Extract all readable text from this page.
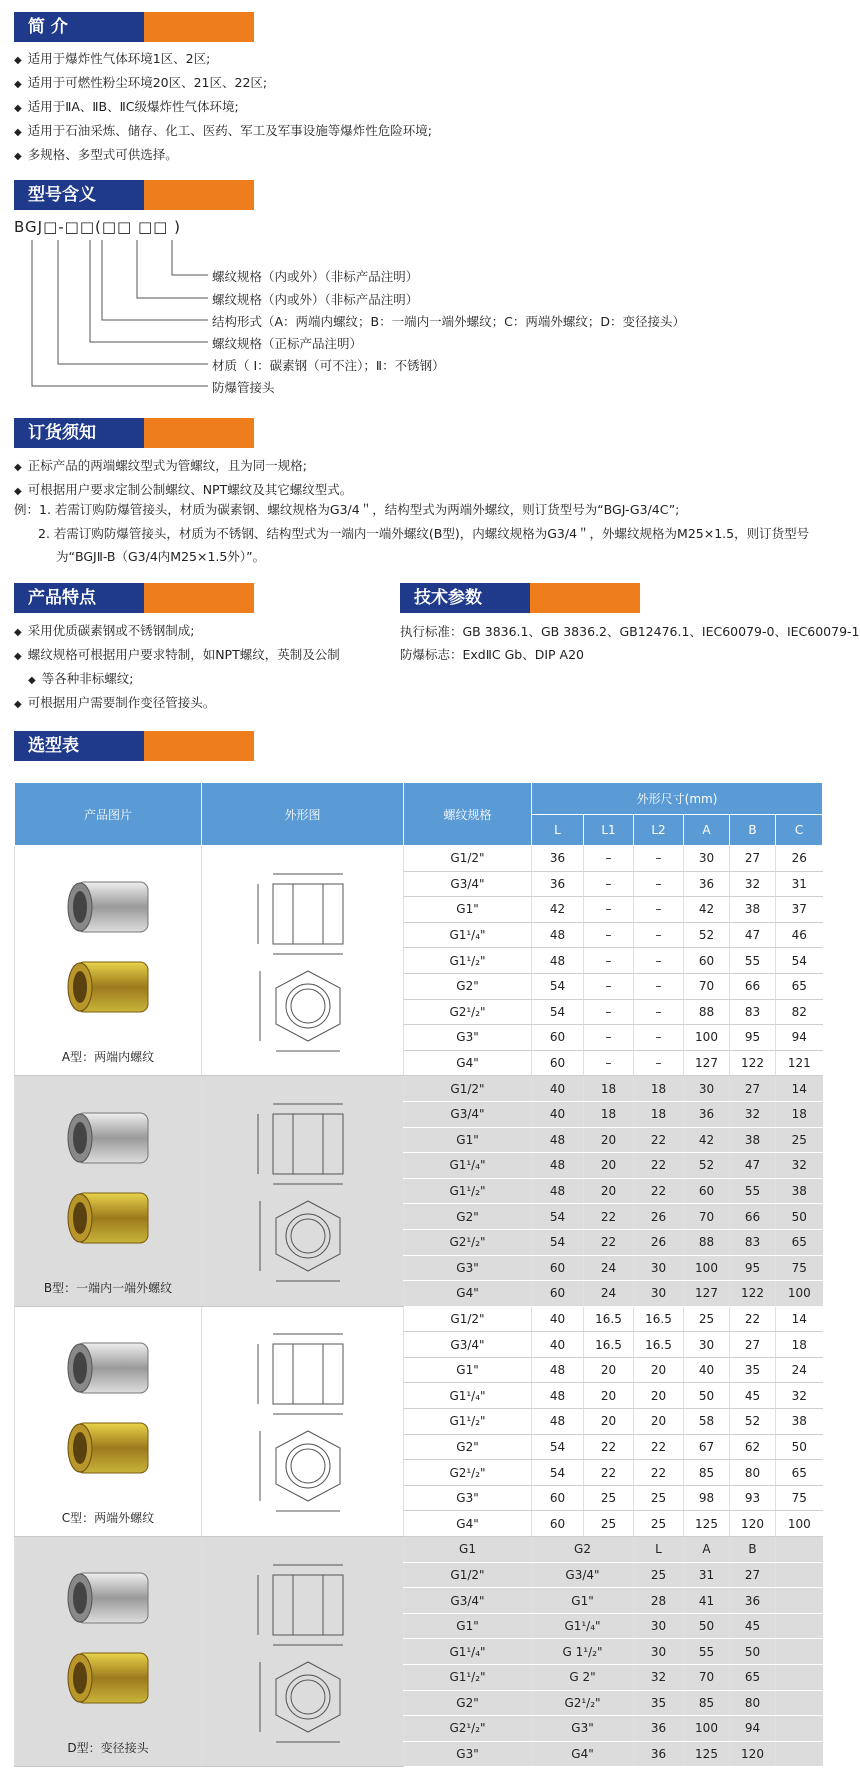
简 介
◆ 适用于爆炸性气体环境1区、2区;
◆ 适用于可燃性粉尘环境20区、21区、22区;
◆ 适用于ⅡA、ⅡB、ⅡC级爆炸性气体环境;
◆ 适用于石油采炼、储存、化工、医药、军工及军事设施等爆炸性危险环境;
◆ 多规格、多型式可供选择。
型号含义
BGJ□-□□(□□ □□ )
螺纹规格（内或外）（非标产品注明）
螺纹规格（内或外）（非标产品注明）
结构形式（A：两端内螺纹；B：一端内一端外螺纹；C：两端外螺纹；D：变径接头）
螺纹规格（正标产品注明）
材质（ Ⅰ：碳素钢（可不注）；Ⅱ：不锈钢）
防爆管接头
订货须知
◆ 正标产品的两端螺纹型式为管螺纹，且为同一规格;
◆ 可根据用户要求定制公制螺纹、NPT螺纹及其它螺纹型式。
例：1. 若需订购防爆管接头，材质为碳素钢、螺纹规格为G3/4＂，结构型式为两端外螺纹，则订货型号为“BGJ-G3/4C”;
2. 若需订购防爆管接头，材质为不锈钢、结构型式为一端内一端外螺纹(B型)，内螺纹规格为G3/4＂，外螺纹规格为M25×1.5，则订货型号
为“BGJⅡ-B（G3/4内M25×1.5外）”。
产品特点
◆ 采用优质碳素钢或不锈钢制成;
◆ 螺纹规格可根据用户要求特制，如NPT螺纹，英制及公制
◆ 等各种非标螺纹;
◆ 可根据用户需要制作变径管接头。
技术参数
执行标准：GB 3836.1、GB 3836.2、GB12476.1、IEC60079-0、IEC60079-1
防爆标志：ExdⅡC Gb、DIP A20
选型表
产品图片	外形图	螺纹规格	外形尺寸(mm)					
			L	L1	L2	A	B	C

A型：两端内螺纹		G1/2"	36	–	–	30	27	26
		G3/4"	36	–	–	36	32	31
		G1"	42	–	–	42	38	37
		G1¹/₄"	48	–	–	52	47	46
		G1¹/₂"	48	–	–	60	55	54
		G2"	54	–	–	70	66	65
		G2¹/₂"	54	–	–	88	83	82
		G3"	60	–	–	100	95	94
		G4"	60	–	–	127	122	121

B型：一端内一端外螺纹		G1/2"	40	18	18	30	27	14
		G3/4"	40	18	18	36	32	18
		G1"	48	20	22	42	38	25
		G1¹/₄"	48	20	22	52	47	32
		G1¹/₂"	48	20	22	60	55	38
		G2"	54	22	26	70	66	50
		G2¹/₂"	54	22	26	88	83	65
		G3"	60	24	30	100	95	75
		G4"	60	24	30	127	122	100

C型：两端外螺纹		G1/2"	40	16.5	16.5	25	22	14
		G3/4"	40	16.5	16.5	30	27	18
		G1"	48	20	20	40	35	24
		G1¹/₄"	48	20	20	50	45	32
		G1¹/₂"	48	20	20	58	52	38
		G2"	54	22	22	67	62	50
		G2¹/₂"	54	22	22	85	80	65
		G3"	60	25	25	98	93	75
		G4"	60	25	25	125	120	100

D型：变径接头		G1	G2		L	A	B	
		G1/2"	G3/4"		25	31	27	
		G3/4"	G1"		28	41	36	
		G1"	G1¹/₄"		30	50	45	
		G1¹/₄"	G 1¹/₂"		30	55	50	
		G1¹/₂"	G 2"		32	70	65	
		G2"	G2¹/₂"		35	85	80	
		G2¹/₂"	G3"		36	100	94	
		G3"	G4"		36	125	120	
